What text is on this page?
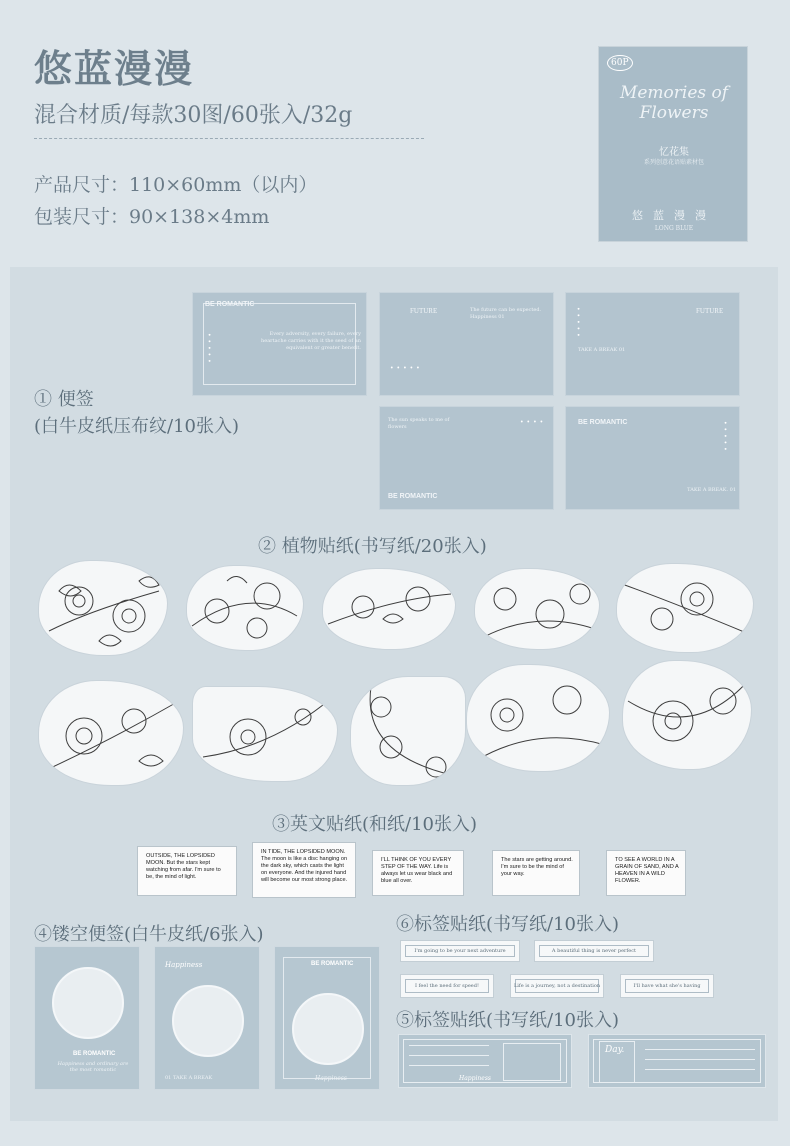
悠蓝漫漫
混合材质/每款30图/60张入/32g
产品尺寸：110×60mm（以内）
包装尺寸：90×138×4mm
60P
Memories of Flowers
忆花集
系列创意花语贴素材包
悠蓝漫漫
LONG BLUE
① 便签
(白牛皮纸压布纹/10张入)
BE ROMANTIC
Every adversity, every failure, every heartache carries with it the seed of an equivalent or greater benefit.
•••••
FUTURE	The future can be expected. Happiness 01
•••••
FUTURE
TAKE A BREAK 01
•••••
The sun speaks to me of flowers
BE ROMANTIC
••••	BE ROMANTIC
TAKE A BREAK. 01
•••••
② 植物贴纸(书写纸/20张入)
③英文贴纸(和纸/10张入)
OUTSIDE, THE LOPSIDED MOON. But the stars kept watching from afar. I'm sure to be, the mind of light.
IN TIDE, THE LOPSIDED MOON. The moon is like a disc hanging on the dark sky, which casts the light on everyone. And the injured hand will become our most strong place.
I'LL THINK OF YOU EVERY STEP OF THE WAY. Life is always let us wear black and blue all over.
The stars are getting around. I'm sure to be the mind of your way.
TO SEE A WORLD IN A GRAIN OF SAND, AND A HEAVEN IN A WILD FLOWER.
④镂空便签(白牛皮纸/6张入)
BE ROMANTIC
Happiness and ordinary are the most romantic
Happiness
01 TAKE A BREAK
BE ROMANTIC
Happiness
⑥标签贴纸(书写纸/10张入)
I'm going to be your next adventure	A beautiful thing is never perfect
I feel the need for speed!	Life is a journey, not a destination	I'll have what she's having
⑤标签贴纸(书写纸/10张入)
Happiness
Day.
